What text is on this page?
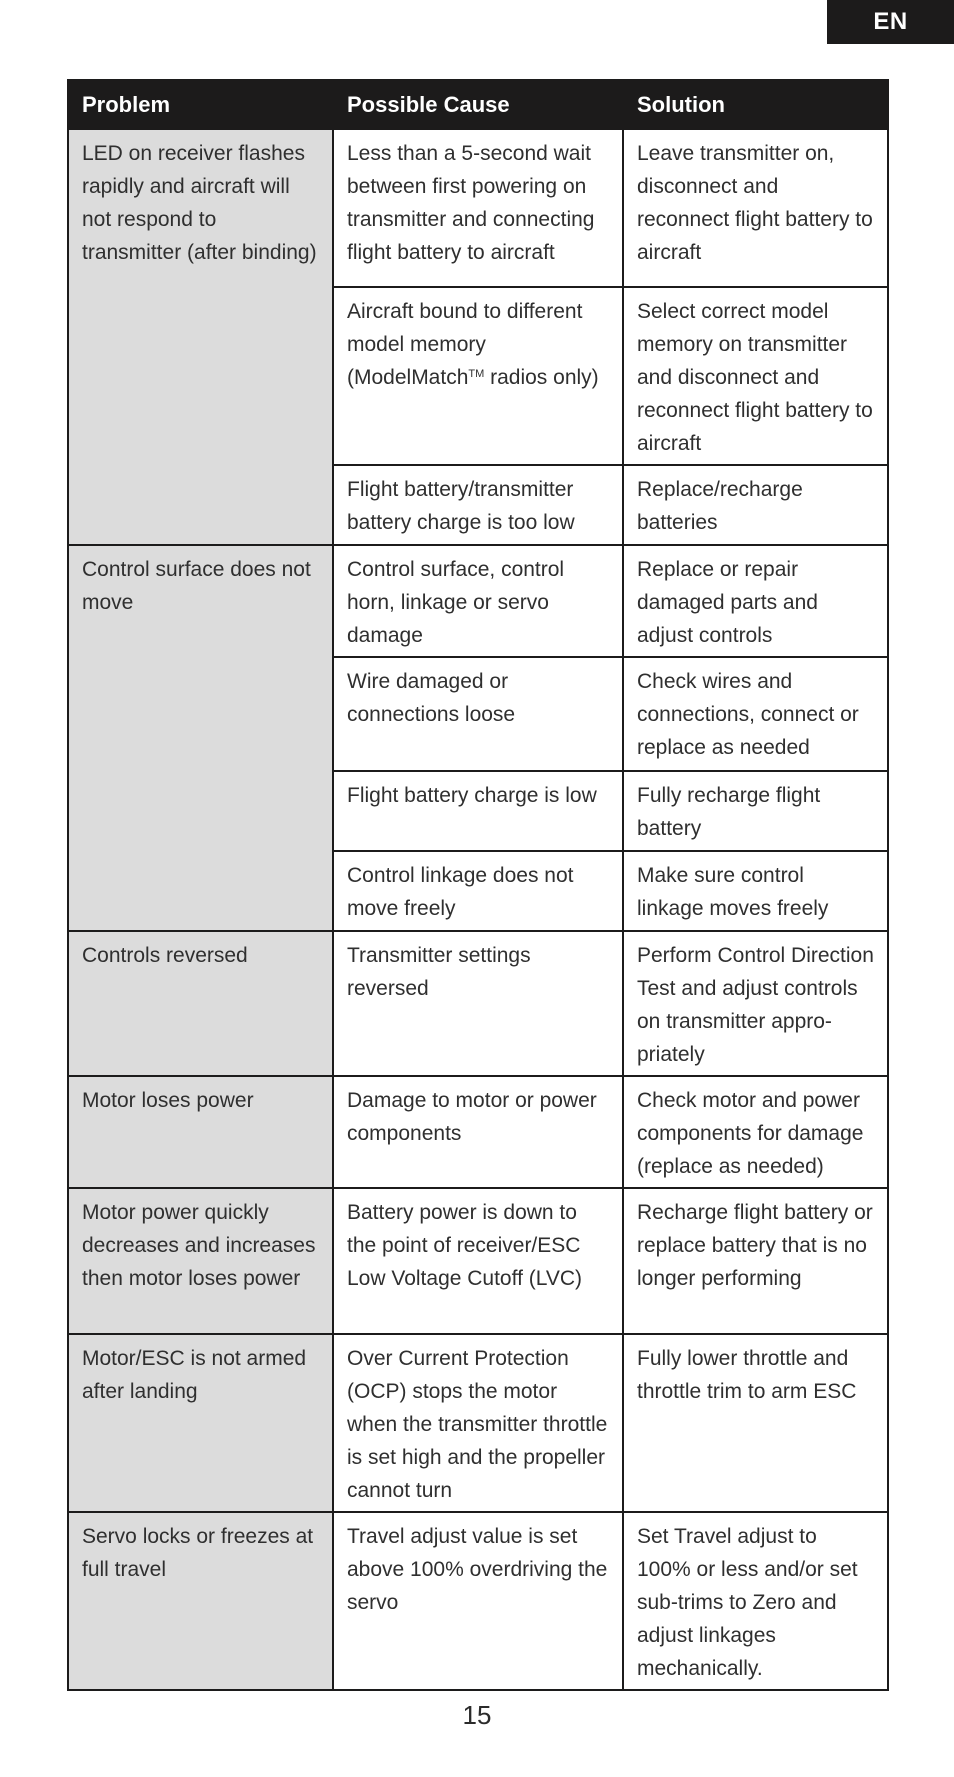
EN
Problem	Possible Cause	Solution
LED on receiver flashes rapidly and aircraft will not respond to transmitter (after binding)	Less than a 5-second wait between first powering on transmitter and connecting flight battery to aircraft	Leave transmitter on, disconnect and reconnect flight battery to aircraft
	Aircraft bound to different model memory (ModelMatch™ radios only)	Select correct model memory on transmitter and disconnect and reconnect flight battery to aircraft
	Flight battery/transmitter battery charge is too low	Replace/recharge batteries
Control surface does not move	Control surface, control horn, linkage or servo damage	Replace or repair damaged parts and adjust controls
	Wire damaged or connections loose	Check wires and connections, connect or replace as needed
	Flight battery charge is low	Fully recharge flight battery
	Control linkage does not move freely	Make sure control linkage moves freely
Controls reversed	Transmitter settings reversed	Perform Control Direction Test and adjust controls on transmitter appro-priately
Motor loses power	Damage to motor or power components	Check motor and power components for damage (replace as needed)
Motor power quickly decreases and increases then motor loses power	Battery power is down to the point of receiver/ESC Low Voltage Cutoff (LVC)	Recharge flight battery or replace battery that is no longer performing
Motor/ESC is not armed after landing	Over Current Protection (OCP) stops the motor when the transmitter throttle is set high and the propeller cannot turn	Fully lower throttle and throttle trim to arm ESC
Servo locks or freezes at full travel	Travel adjust value is set above 100% overdriving the servo	Set Travel adjust to 100% or less and/or set sub-trims to Zero and adjust linkages mechanically.
15
